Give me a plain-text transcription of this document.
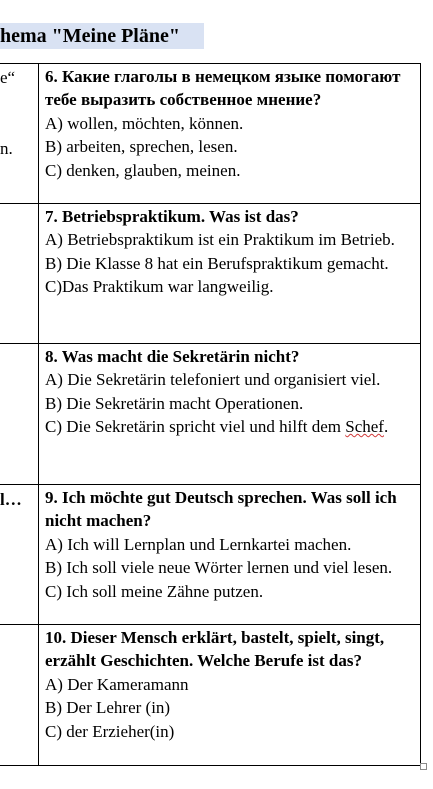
hema "Meine Pläne"
e“
n.
l…
6. Какие глаголы в немецком языке помогают тебе выразить собственное мнение?
A) wollen, möchten, können.
B) arbeiten, sprechen, lesen.
C) denken, glauben, meinen.
7. Betriebspraktikum. Was ist das?
A) Betriebspraktikum ist ein Praktikum im Betrieb.
B) Die Klasse 8 hat ein Berufspraktikum gemacht.
C)Das Praktikum war langweilig.
8. Was macht die Sekretärin nicht?
A) Die Sekretärin telefoniert und organisiert viel.
B) Die Sekretärin macht Operationen.
C) Die Sekretärin spricht viel und hilft dem Schef.
9. Ich möchte gut Deutsch sprechen. Was soll ich nicht machen?
A) Ich will Lernplan und Lernkartei machen.
B) Ich soll viele neue Wörter lernen und viel lesen.
C) Ich soll meine Zähne putzen.
10. Dieser Mensch erklärt, bastelt, spielt, singt, erzählt Geschichten. Welche Berufe ist das?
A) Der Kameramann
B) Der Lehrer (in)
C) der Erzieher(in)
